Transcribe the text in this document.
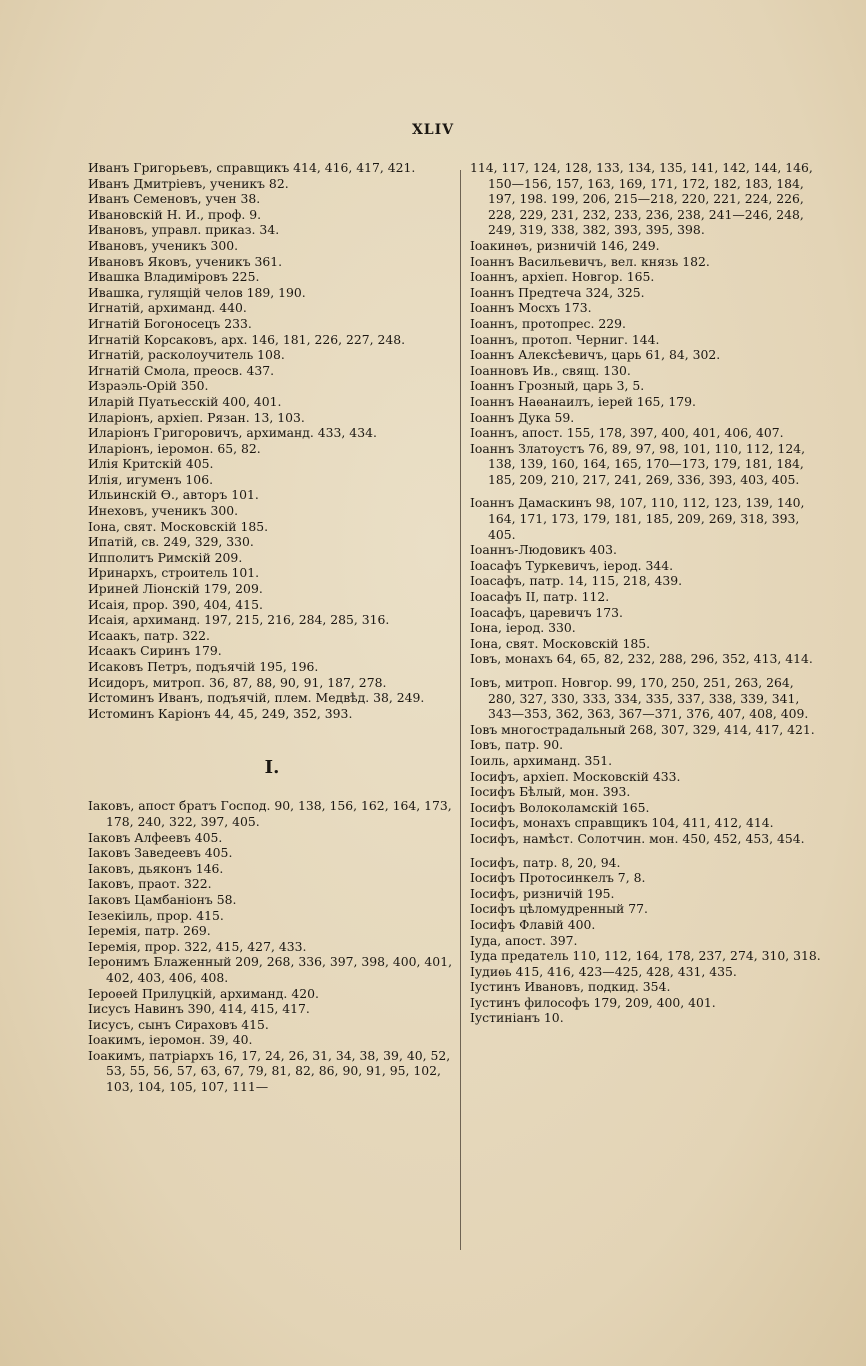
XLIV

Иванъ Григорьевъ, справщикъ 414, 416, 417, 421.

Иванъ Дмитріевъ, ученикъ 82.

Иванъ Семеновъ, учен 38.

Ивановскій Н. И., проф. 9.

Ивановъ, управл. приказ. 34.

Ивановъ, ученикъ 300.

Ивановъ Яковъ, ученикъ 361.

Ивашка Владиміровъ 225.

Ивашка, гулящій челов 189, 190.

Игнатій, архиманд. 440.

Игнатій Богоносецъ 233.

Игнатій Корсаковъ, арх. 146, 181, 226, 227, 248.

Игнатій, расколоучитель 108.

Игнатій Смола, преосв. 437.

Израэль-Орій 350.

Иларій Пуатьесскій 400, 401.

Иларіонъ, архіеп. Рязан. 13, 103.

Иларіонъ Григоровичъ, архиманд. 433, 434.

Иларіонъ, іеромон. 65, 82.

Илія Критскій 405.

Илія, игуменъ 106.

Ильинскій Ѳ., авторъ 101.

Инеховъ, ученикъ 300.

Іона, свят. Московскій 185.

Ипатій, св. 249, 329, 330.

Ипполитъ Римскій 209.

Иринархъ, строитель 101.

Ириней Ліонскій 179, 209.

Исаія, прор. 390, 404, 415.

Исаія, архиманд. 197, 215, 216, 284, 285, 316.

Исаакъ, патр. 322.

Исаакъ Сиринъ 179.

Исаковъ Петръ, подъячій 195, 196.

Исидоръ, митроп. 36, 87, 88, 90, 91, 187, 278.

Истоминъ Иванъ, подъячій, плем. Медвѣд. 38, 249.

Истоминъ Каріонъ 44, 45, 249, 352, 393.

I.

Іаковъ, апост братъ Господ. 90, 138, 156, 162, 164, 173, 178, 240, 322, 397, 405.

Іаковъ Алфеевъ 405.

Іаковъ Заведеевъ 405.

Іаковъ, дьяконъ 146.

Іаковъ, праот. 322.

Іаковъ Цамбаніонъ 58.

Іезекіиль, прор. 415.

Іеремія, патр. 269.

Іеремія, прор. 322, 415, 427, 433.

Іеронимъ Блаженный 209, 268, 336, 397, 398, 400, 401, 402, 403, 406, 408.

Іероѳей Прилуцкій, архиманд. 420.

Іисусъ Навинъ 390, 414, 415, 417.

Іисусъ, сынъ Сираховъ 415.

Іоакимъ, іеромон. 39, 40.

Іоакимъ, патріархъ 16, 17, 24, 26, 31, 34, 38, 39, 40, 52, 53, 55, 56, 57, 63, 67, 79, 81, 82, 86, 90, 91, 95, 102, 103, 104, 105, 107, 111—

114, 117, 124, 128, 133, 134, 135, 141, 142, 144, 146, 150—156, 157, 163, 169, 171, 172, 182, 183, 184, 197, 198. 199, 206, 215—218, 220, 221, 224, 226, 228, 229, 231, 232, 233, 236, 238, 241—246, 248, 249, 319, 338, 382, 393, 395, 398.

Іоакинѳъ, ризничій 146, 249.

Іоаннъ Васильевичъ, вел. князь 182.

Іоаннъ, архіеп. Новгор. 165.

Іоаннъ Предтеча 324, 325.

Іоаннъ Мосхъ 173.

Іоаннъ, протопрес. 229.

Іоаннъ, протоп. Черниг. 144.

Іоаннъ Алексѣевичъ, царь 61, 84, 302.

Іоанновъ Ив., свящ. 130.

Іоаннъ Грозный, царь 3, 5.

Іоаннъ Наѳанаилъ, іерей 165, 179.

Іоаннъ Дука 59.

Іоаннъ, апост. 155, 178, 397, 400, 401, 406, 407.

Іоаннъ Златоустъ 76, 89, 97, 98, 101, 110, 112, 124, 138, 139, 160, 164, 165, 170—173, 179, 181, 184, 185, 209, 210, 217, 241, 269, 336, 393, 403, 405.

Іоаннъ Дамаскинъ 98, 107, 110, 112, 123, 139, 140, 164, 171, 173, 179, 181, 185, 209, 269, 318, 393, 405.

Іоаннъ-Людовикъ 403.

Іоасафъ Туркевичъ, іерод. 344.

Іоасафъ, патр. 14, 115, 218, 439.

Іоасафъ II, патр. 112.

Іоасафъ, царевичъ 173.

Іона, іерод. 330.

Іона, свят. Московскій 185.

Іовъ, монахъ 64, 65, 82, 232, 288, 296, 352, 413, 414.

Іовъ, митроп. Новгор. 99, 170, 250, 251, 263, 264, 280, 327, 330, 333, 334, 335, 337, 338, 339, 341, 343—353, 362, 363, 367—371, 376, 407, 408, 409.

Іовъ многострадальный 268, 307, 329, 414, 417, 421.

Іовъ, патр. 90.

Іоиль, архиманд. 351.

Іосифъ, архіеп. Московскій 433.

Іосифъ Бѣлый, мон. 393.

Іосифъ Волоколамскій 165.

Іосифъ, монахъ справщикъ 104, 411, 412, 414.

Іосифъ, намѣст. Солотчин. мон. 450, 452, 453, 454.

Іосифъ, патр. 8, 20, 94.

Іосифъ Протосинкелъ 7, 8.

Іосифъ, ризничій 195.

Іосифъ цѣломудренный 77.

Іосифъ Флавій 400.

Іуда, апост. 397.

Іуда предатель 110, 112, 164, 178, 237, 274, 310, 318.

Іудиѳь 415, 416, 423—425, 428, 431, 435.

Іустинъ Ивановъ, подкид. 354.

Іустинъ философъ 179, 209, 400, 401.

Іустиніанъ 10.
